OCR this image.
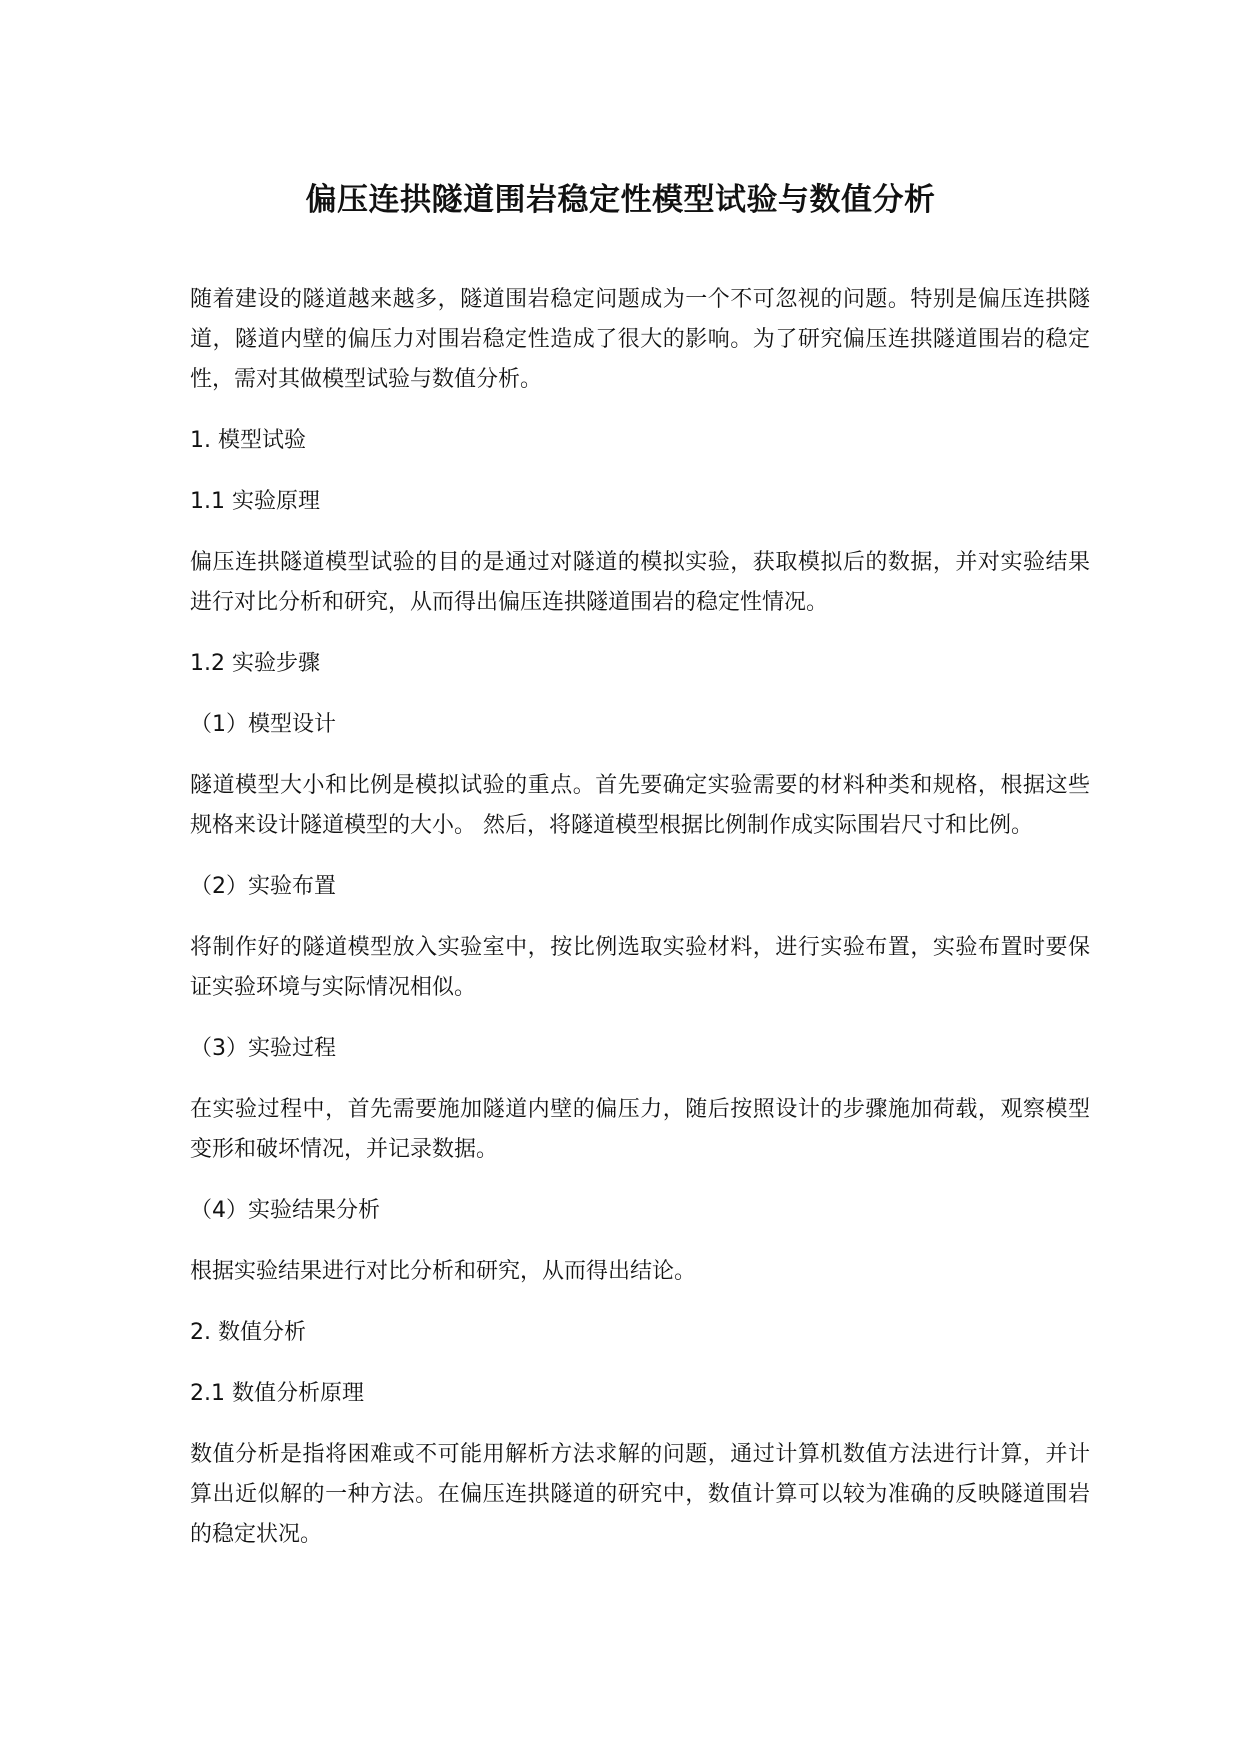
偏压连拱隧道围岩稳定性模型试验与数值分析

随着建设的隧道越来越多，隧道围岩稳定问题成为一个不可忽视的问题。特别是偏压连拱隧道，隧道内壁的偏压力对围岩稳定性造成了很大的影响。为了研究偏压连拱隧道围岩的稳定性，需对其做模型试验与数值分析。

1. 模型试验

1.1 实验原理

偏压连拱隧道模型试验的目的是通过对隧道的模拟实验，获取模拟后的数据，并对实验结果进行对比分析和研究，从而得出偏压连拱隧道围岩的稳定性情况。

1.2 实验步骤

（1）模型设计

隧道模型大小和比例是模拟试验的重点。首先要确定实验需要的材料种类和规格，根据这些规格来设计隧道模型的大小。 然后，将隧道模型根据比例制作成实际围岩尺寸和比例。

（2）实验布置

将制作好的隧道模型放入实验室中，按比例选取实验材料，进行实验布置，实验布置时要保证实验环境与实际情况相似。

（3）实验过程

在实验过程中，首先需要施加隧道内壁的偏压力，随后按照设计的步骤施加荷载，观察模型变形和破坏情况，并记录数据。

（4）实验结果分析

根据实验结果进行对比分析和研究，从而得出结论。

2. 数值分析

2.1 数值分析原理

数值分析是指将困难或不可能用解析方法求解的问题，通过计算机数值方法进行计算，并计算出近似解的一种方法。在偏压连拱隧道的研究中，数值计算可以较为准确的反映隧道围岩的稳定状况。
